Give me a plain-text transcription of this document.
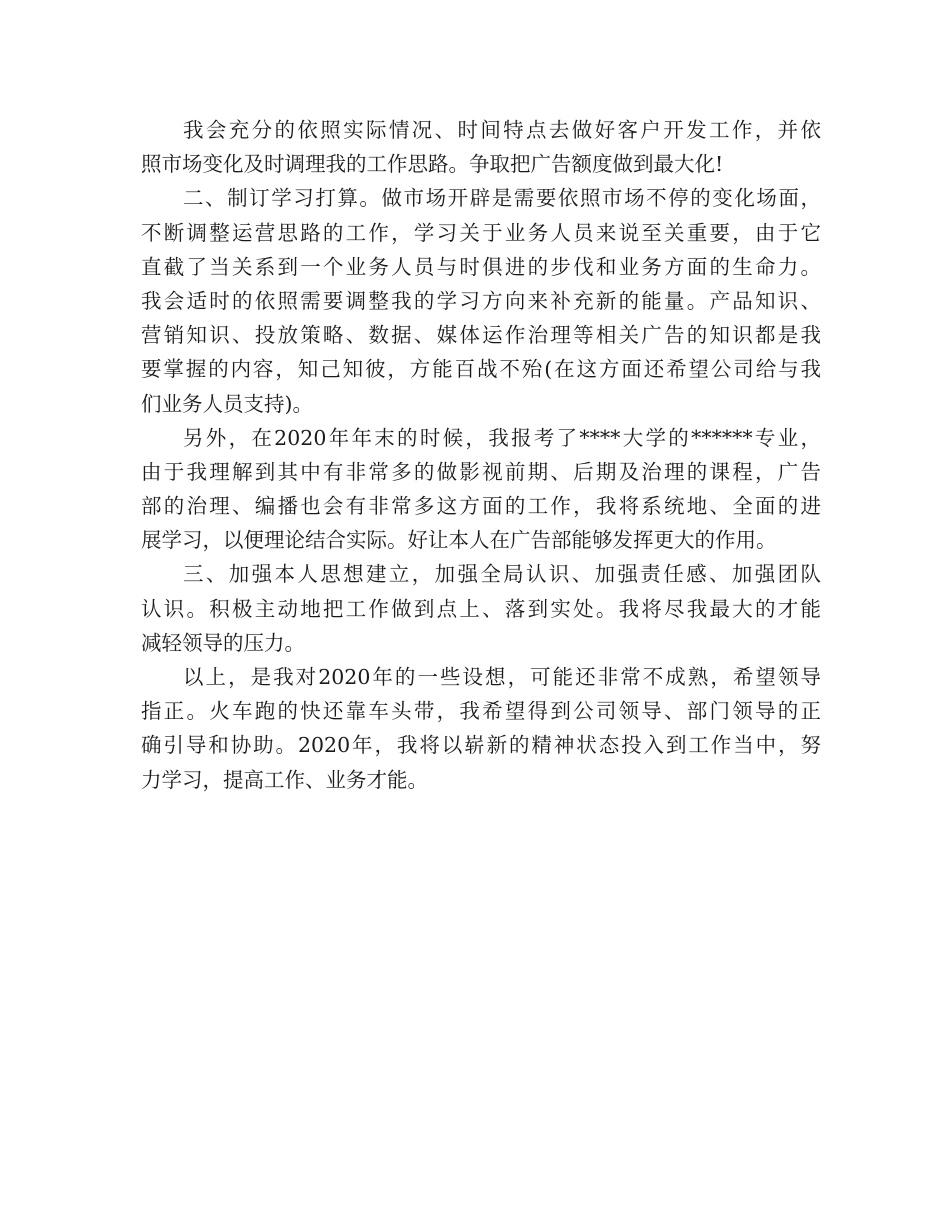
我会充分的依照实际情况、时间特点去做好客户开发工作，并依
照市场变化及时调理我的工作思路。争取把广告额度做到最大化!
二、制订学习打算。做市场开辟是需要依照市场不停的变化场面，
不断调整运营思路的工作，学习关于业务人员来说至关重要，由于它
直截了当关系到一个业务人员与时俱进的步伐和业务方面的生命力。
我会适时的依照需要调整我的学习方向来补充新的能量。产品知识、
营销知识、投放策略、数据、媒体运作治理等相关广告的知识都是我
要掌握的内容，知己知彼，方能百战不殆(在这方面还希望公司给与我
们业务人员支持)。
另外，在2020年年末的时候，我报考了****大学的******专业，
由于我理解到其中有非常多的做影视前期、后期及治理的课程，广告
部的治理、编播也会有非常多这方面的工作，我将系统地、全面的进
展学习，以便理论结合实际。好让本人在广告部能够发挥更大的作用。
三、加强本人思想建立，加强全局认识、加强责任感、加强团队
认识。积极主动地把工作做到点上、落到实处。我将尽我最大的才能
减轻领导的压力。
以上，是我对2020年的一些设想，可能还非常不成熟，希望领导
指正。火车跑的快还靠车头带，我希望得到公司领导、部门领导的正
确引导和协助。2020年，我将以崭新的精神状态投入到工作当中，努
力学习，提高工作、业务才能。
